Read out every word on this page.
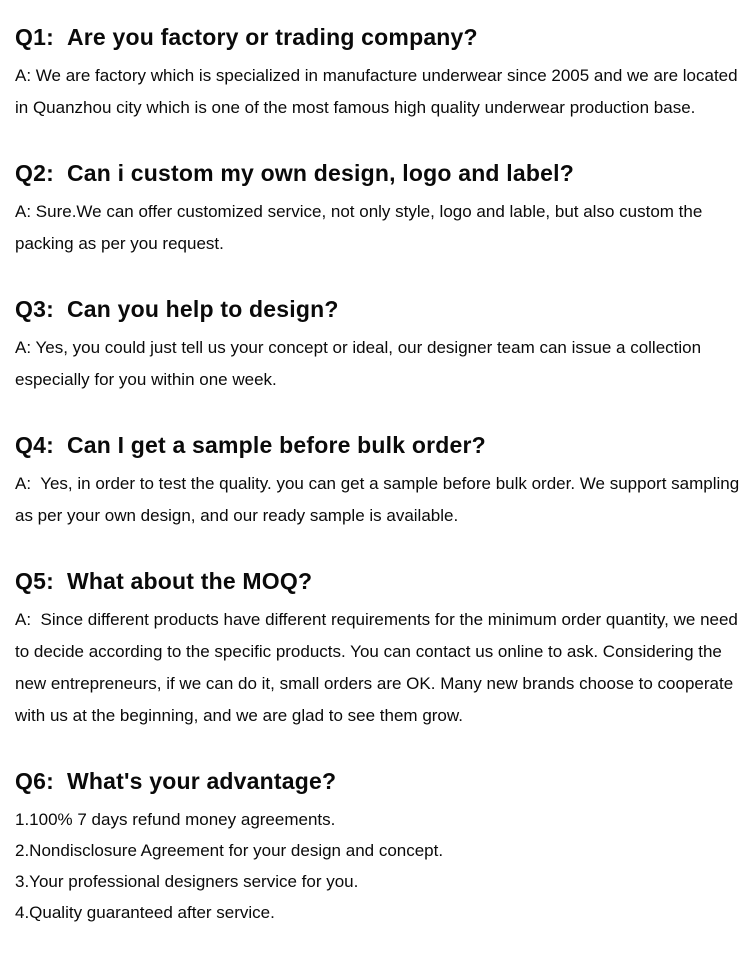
Q1: Are you factory or trading company?

A: We are factory which is specialized in manufacture underwear since 2005 and we are located in Quanzhou city which is one of the most famous high quality underwear production base.

Q2: Can i custom my own design, logo and label?

A: Sure.We can offer customized service, not only style, logo and lable, but also custom the packing as per you request.

Q3: Can you help to design?

A: Yes, you could just tell us your concept or ideal, our designer team can issue a collection especially for you within one week.

Q4: Can I get a sample before bulk order?

A:  Yes, in order to test the quality. you can get a sample before bulk order. We support sampling as per your own design, and our ready sample is available.

Q5: What about the MOQ?

A:  Since different products have different requirements for the minimum order quantity, we need to decide according to the specific products. You can contact us online to ask. Considering the new entrepreneurs, if we can do it, small orders are OK. Many new brands choose to cooperate with us at the beginning, and we are glad to see them grow.

Q6: What's your advantage?

1.100% 7 days refund money agreements.

2.Nondisclosure Agreement for your design and concept.

3.Your professional designers service for you.

4.Quality guaranteed after service.
